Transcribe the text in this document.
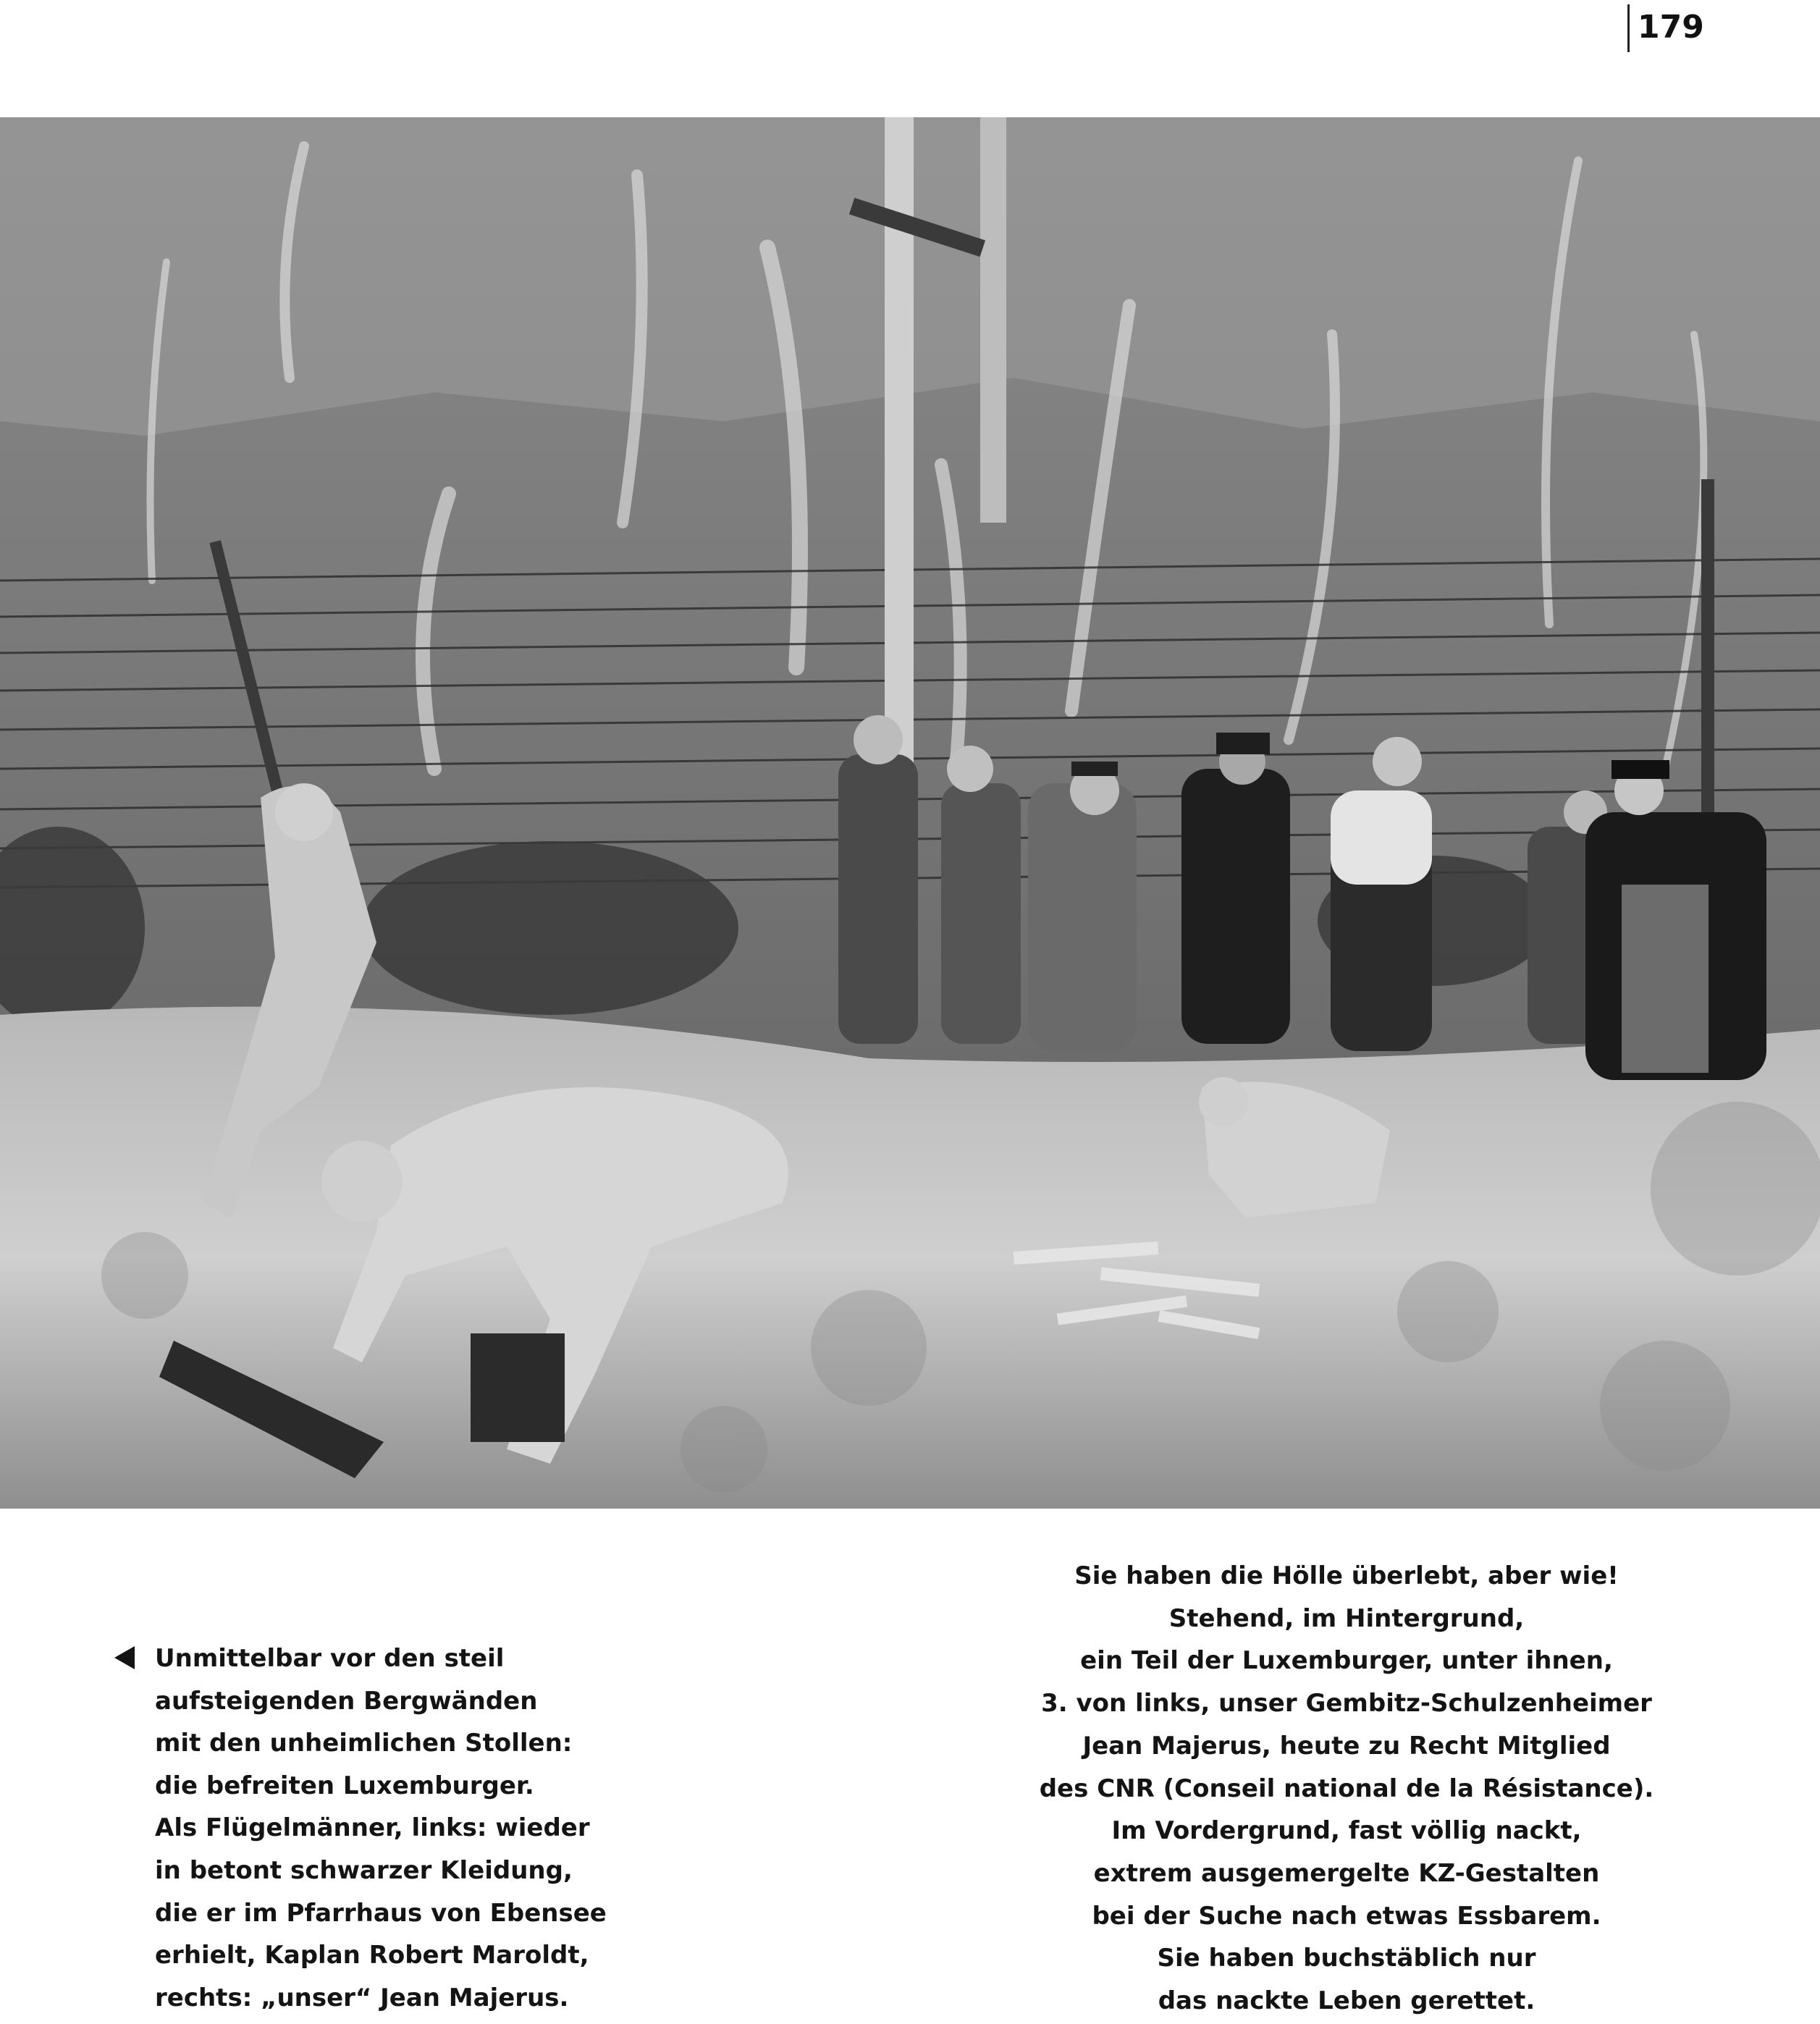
179
Unmittelbar vor den steil
aufsteigenden Bergwänden
mit den unheimlichen Stollen:
die befreiten Luxemburger.
Als Flügelmänner, links: wieder
in betont schwarzer Kleidung,
die er im Pfarrhaus von Ebensee
erhielt, Kaplan Robert Maroldt,
rechts: „unser“ Jean Majerus.
Sie haben die Hölle überlebt, aber wie!
Stehend, im Hintergrund,
ein Teil der Luxemburger, unter ihnen,
3. von links, unser Gembitz-Schulzenheimer
Jean Majerus, heute zu Recht Mitglied
des CNR (Conseil national de la Résistance).
Im Vordergrund, fast völlig nackt,
extrem ausgemergelte KZ-Gestalten
bei der Suche nach etwas Essbarem.
Sie haben buchstäblich nur
das nackte Leben gerettet.
